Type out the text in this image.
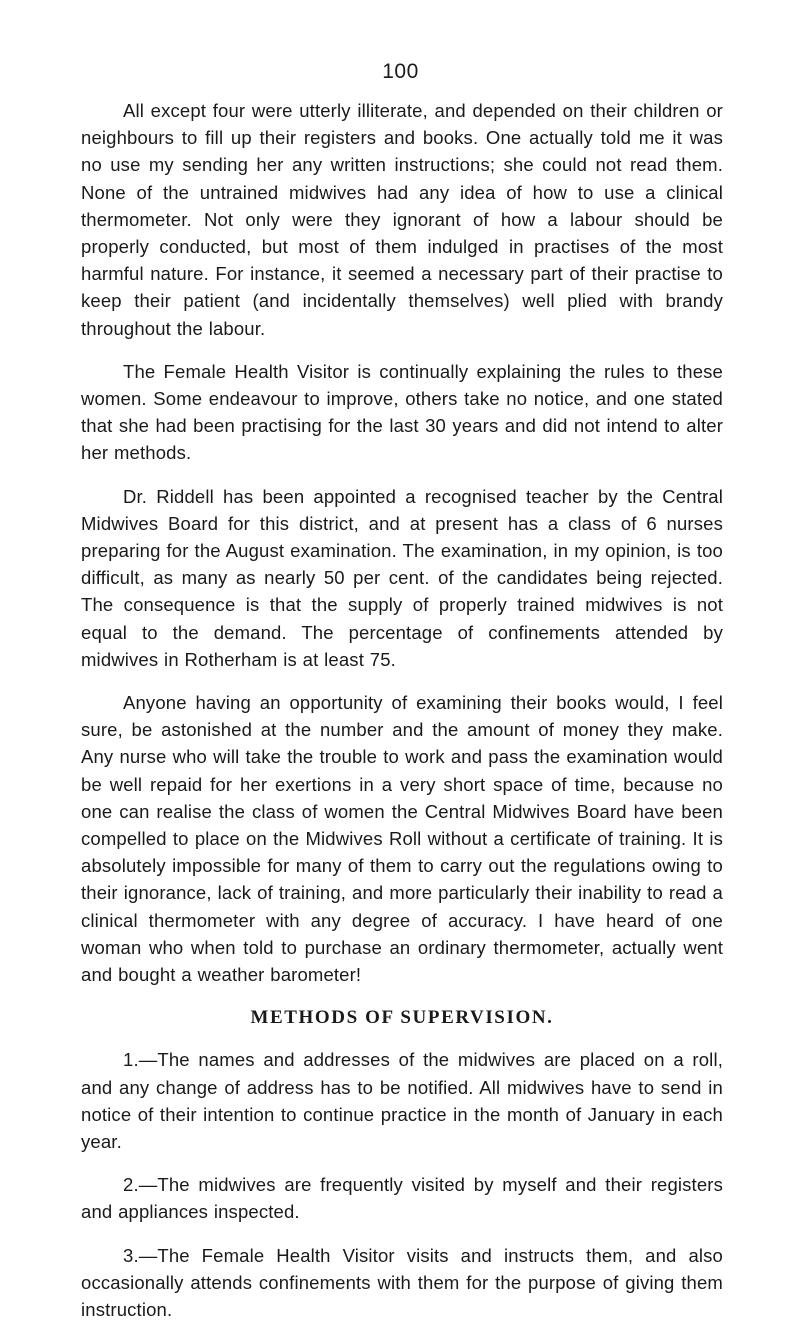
100

All except four were utterly illiterate, and depended on their children or neighbours to fill up their registers and books. One actually told me it was no use my sending her any written instructions; she could not read them. None of the untrained midwives had any idea of how to use a clinical thermometer. Not only were they ignorant of how a labour should be properly conducted, but most of them indulged in practises of the most harmful nature. For instance, it seemed a necessary part of their practise to keep their patient (and incidentally themselves) well plied with brandy throughout the labour.

The Female Health Visitor is continually explaining the rules to these women. Some endeavour to improve, others take no notice, and one stated that she had been practising for the last 30 years and did not intend to alter her methods.

Dr. Riddell has been appointed a recognised teacher by the Central Midwives Board for this district, and at present has a class of 6 nurses preparing for the August examination. The examination, in my opinion, is too difficult, as many as nearly 50 per cent. of the candidates being rejected. The consequence is that the supply of properly trained midwives is not equal to the demand. The percentage of confinements attended by midwives in Rotherham is at least 75.

Anyone having an opportunity of examining their books would, I feel sure, be astonished at the number and the amount of money they make. Any nurse who will take the trouble to work and pass the examination would be well repaid for her exertions in a very short space of time, because no one can realise the class of women the Central Midwives Board have been compelled to place on the Midwives Roll without a certificate of training. It is absolutely impossible for many of them to carry out the regulations owing to their ignorance, lack of training, and more particularly their inability to read a clinical thermometer with any degree of accuracy. I have heard of one woman who when told to purchase an ordinary thermometer, actually went and bought a weather barometer!

METHODS OF SUPERVISION.

1.—The names and addresses of the midwives are placed on a roll, and any change of address has to be notified. All midwives have to send in notice of their intention to continue practice in the month of January in each year.

2.—The midwives are frequently visited by myself and their registers and appliances inspected.

3.—The Female Health Visitor visits and instructs them, and also occasionally attends confinements with them for the purpose of giving them instruction.
